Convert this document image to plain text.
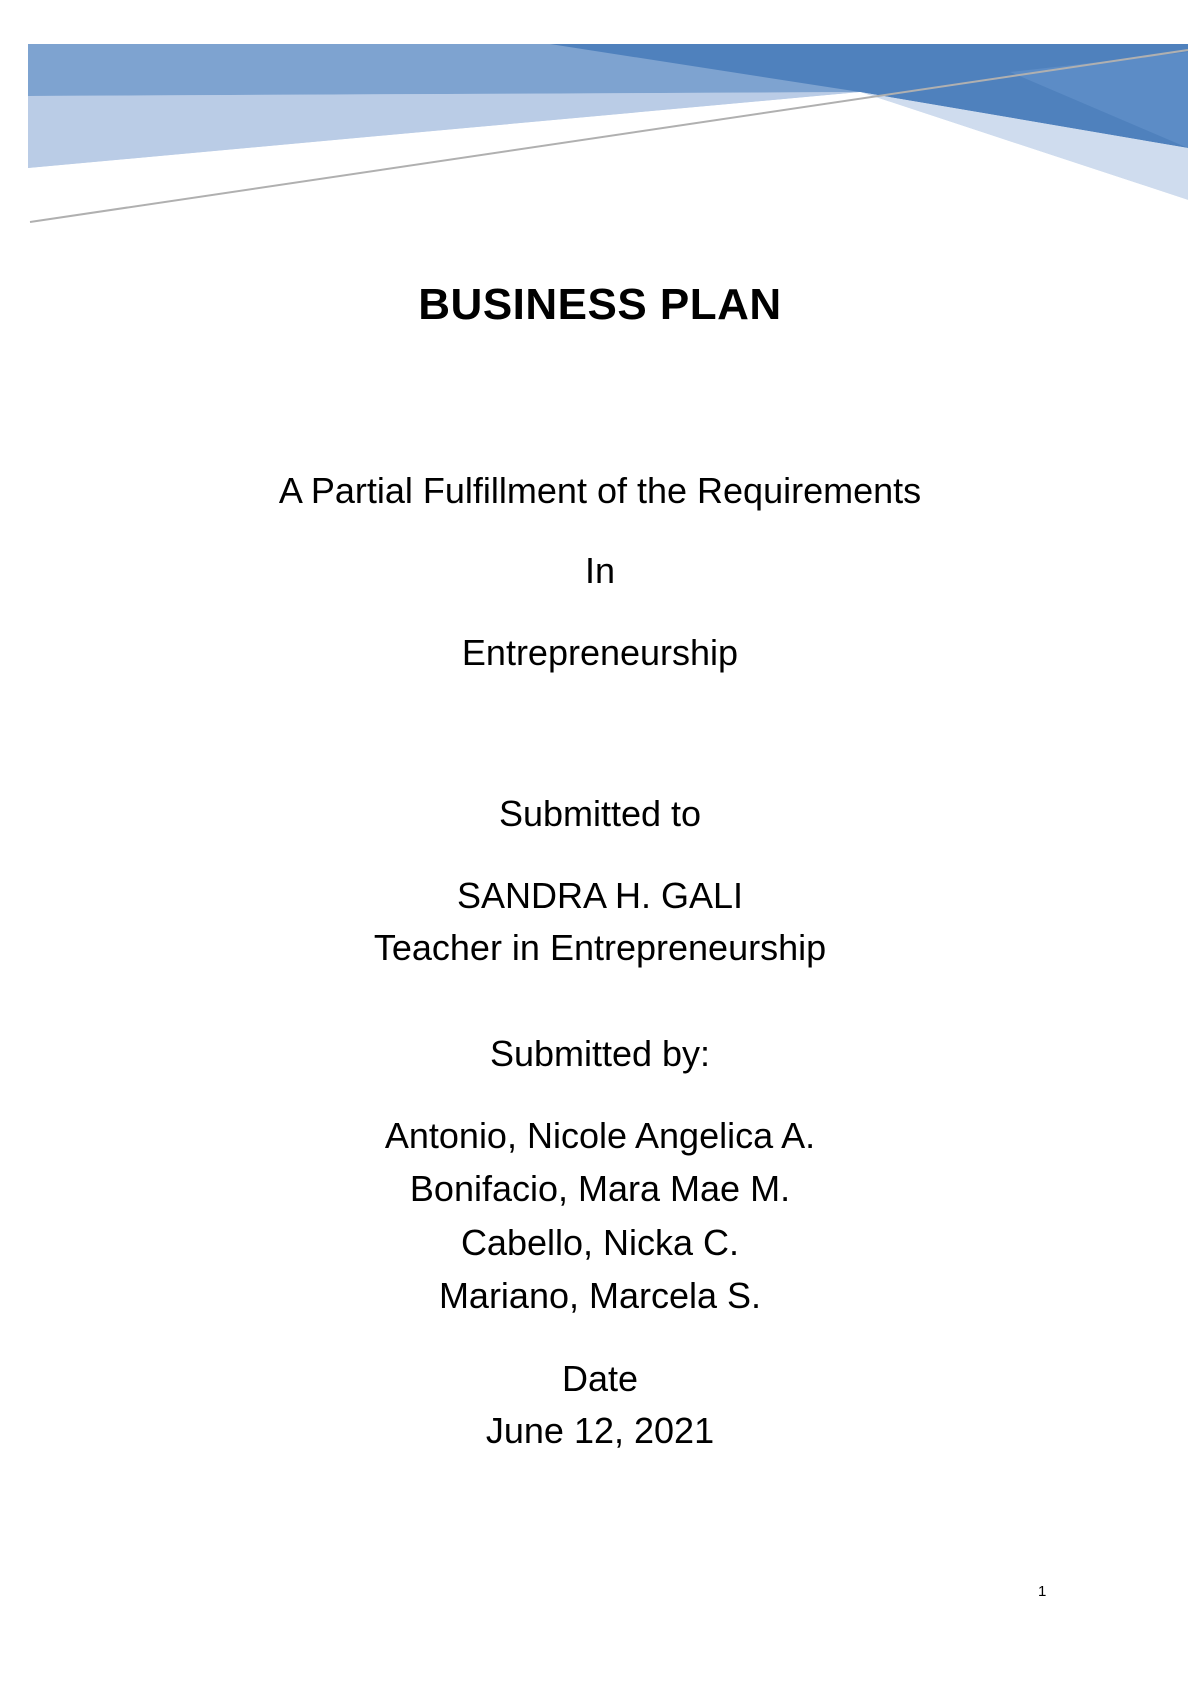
BUSINESS PLAN
A Partial Fulfillment of the Requirements
In
Entrepreneurship
Submitted to
SANDRA H. GALI
Teacher in Entrepreneurship
Submitted by:
Antonio, Nicole Angelica A.
Bonifacio, Mara Mae M.
Cabello, Nicka C.
Mariano, Marcela S.
Date
June 12, 2021
1
